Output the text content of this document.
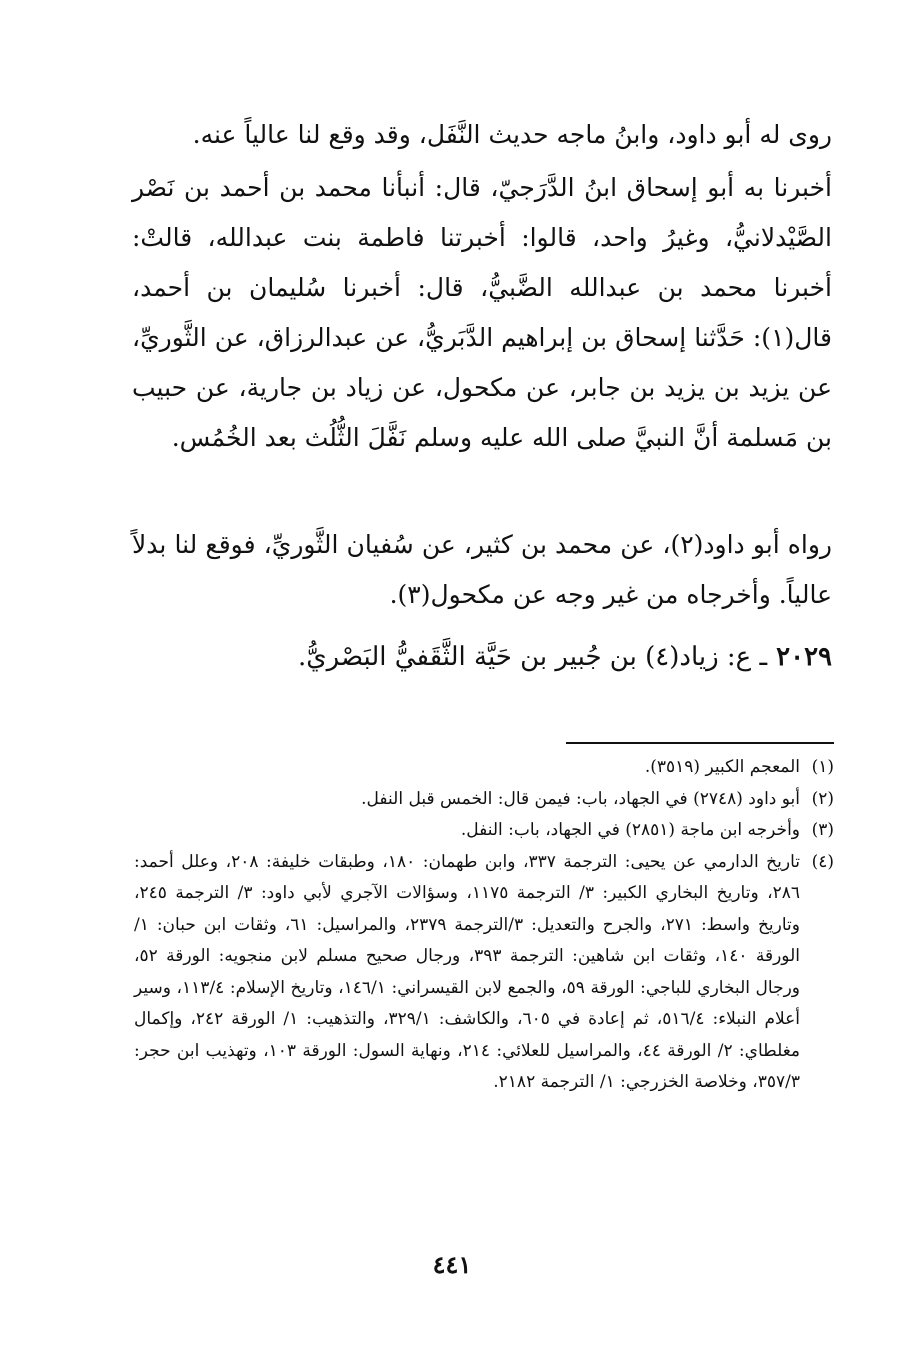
روى له أبو داود، وابنُ ماجه حديث النَّفَل، وقد وقع لنا عالياً عنه.

أخبرنا به أبو إسحاق ابنُ الدَّرَجيّ، قال: أنبأنا محمد بن أحمد بن نَصْر الصَّيْدلانيُّ، وغيرُ واحد، قالوا: أخبرتنا فاطمة بنت عبدالله، قالتْ: أخبرنا محمد بن عبدالله الضَّبيُّ، قال: أخبرنا سُليمان بن أحمد، قال(١): حَدَّثنا إسحاق بن إبراهيم الدَّبَريُّ، عن عبدالرزاق، عن الثَّوريِّ، عن يزيد بن يزيد بن جابر، عن مكحول، عن زياد بن جارية، عن حبيب بن مَسلمة أنَّ النبيَّ صلى الله عليه وسلم نَفَّلَ الثُّلُث بعد الخُمُس.

رواه أبو داود(٢)، عن محمد بن كثير، عن سُفيان الثَّوريِّ، فوقع لنا بدلاً عالياً. وأخرجاه من غير وجه عن مكحول(٣).

٢٠٢٩ ـ ع: زياد(٤) بن جُبير بن حَيَّة الثَّقَفيُّ البَصْريُّ.
(١)
المعجم الكبير (٣٥١٩).
(٢)
أبو داود (٢٧٤٨) في الجهاد، باب: فيمن قال: الخمس قبل النفل.
(٣)
وأخرجه ابن ماجة (٢٨٥١) في الجهاد، باب: النفل.
(٤)
تاريخ الدارمي عن يحيى: الترجمة ٣٣٧، وابن طهمان: ١٨٠، وطبقات خليفة: ٢٠٨، وعلل أحمد: ٢٨٦، وتاريخ البخاري الكبير: ٣/ الترجمة ١١٧٥، وسؤالات الآجري لأبي داود: ٣/ الترجمة ٢٤٥، وتاريخ واسط: ٢٧١، والجرح والتعديل: ٣/الترجمة ٢٣٧٩، والمراسيل: ٦١، وثقات ابن حبان: ١/ الورقة ١٤٠، وثقات ابن شاهين: الترجمة ٣٩٣، ورجال صحيح مسلم لابن منجويه: الورقة ٥٢، ورجال البخاري للباجي: الورقة ٥٩، والجمع لابن القيسراني: ١٤٦/١، وتاريخ الإسلام: ١١٣/٤، وسير أعلام النبلاء: ٥١٦/٤، ثم إعادة في ٦٠٥، والكاشف: ٣٢٩/١، والتذهيب: ١/ الورقة ٢٤٢، وإكمال مغلطاي: ٢/ الورقة ٤٤، والمراسيل للعلائي: ٢١٤، ونهاية السول: الورقة ١٠٣، وتهذيب ابن حجر: ٣٥٧/٣، وخلاصة الخزرجي: ١/ الترجمة ٢١٨٢.
٤٤١
